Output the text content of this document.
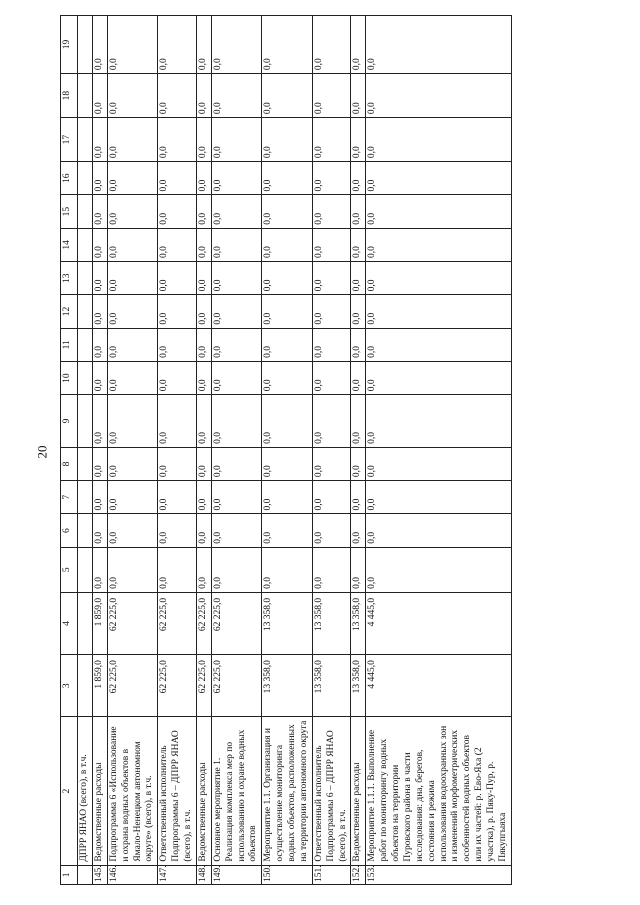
20
1	2	3	4	5	6	7	8	9	10	11	12	13	14	15	16	17	18	19
	ДПРР ЯНАО (всего), в т.ч.																	
145.	Ведомственные расходы	1 859,0	1 859,0	0,0	0,0	0,0	0,0	0,0	0,0	0,0	0,0	0,0	0,0	0,0	0,0	0,0	0,0	0,0
146.	Подпрограмма 6 «Использование и охрана водных объектов в Ямало-Ненецком автономном округе» (всего), в т.ч.	62 225,0	62 225,0	0,0	0,0	0,0	0,0	0,0	0,0	0,0	0,0	0,0	0,0	0,0	0,0	0,0	0,0	0,0
147.	Ответственный исполнитель Подпрограммы 6 – ДПРР ЯНАО (всего), в т.ч.	62 225,0	62 225,0	0,0	0,0	0,0	0,0	0,0	0,0	0,0	0,0	0,0	0,0	0,0	0,0	0,0	0,0	0,0
148.	Ведомственные расходы	62 225,0	62 225,0	0,0	0,0	0,0	0,0	0,0	0,0	0,0	0,0	0,0	0,0	0,0	0,0	0,0	0,0	0,0
149.	Основное мероприятие 1. Реализация комплекса мер по использованию и охране водных объектов	62 225,0	62 225,0	0,0	0,0	0,0	0,0	0,0	0,0	0,0	0,0	0,0	0,0	0,0	0,0	0,0	0,0	0,0
150.	Мероприятие 1.1. Организация и осуществление мониторинга водных объектов, расположенных на территории автономного округа	13 358,0	13 358,0	0,0	0,0	0,0	0,0	0,0	0,0	0,0	0,0	0,0	0,0	0,0	0,0	0,0	0,0	0,0
151.	Ответственный исполнитель Подпрограммы 6 – ДПРР ЯНАО (всего), в т.ч.	13 358,0	13 358,0	0,0	0,0	0,0	0,0	0,0	0,0	0,0	0,0	0,0	0,0	0,0	0,0	0,0	0,0	0,0
152.	Ведомственные расходы	13 358,0	13 358,0	0,0	0,0	0,0	0,0	0,0	0,0	0,0	0,0	0,0	0,0	0,0	0,0	0,0	0,0	0,0
153.	Мероприятие 1.1.1. Выполнение работ по мониторингу водных объектов на территории Пуровского района в части исследования: дна, берегов, состояния и режима использования водоохранных зон и изменений морфометрических особенностей водных объектов или их частей: р. Ево-Яха (2 участка), р. Пяку-Пур, р. Пякупгыяха	4 445,0	4 445,0	0,0	0,0	0,0	0,0	0,0	0,0	0,0	0,0	0,0	0,0	0,0	0,0	0,0	0,0	0,0
